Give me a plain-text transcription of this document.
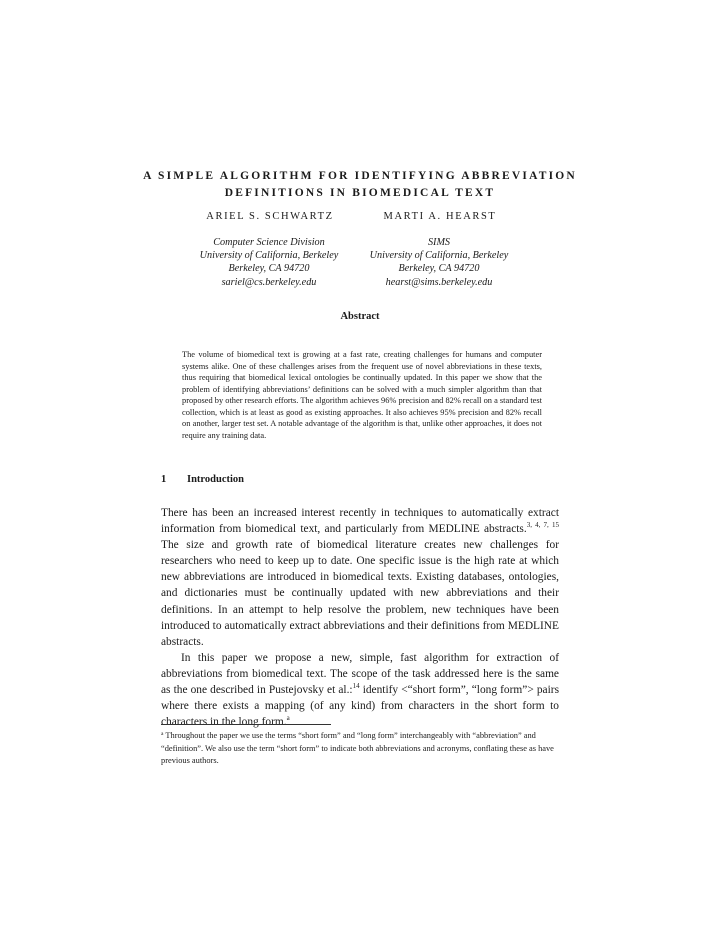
A SIMPLE ALGORITHM FOR IDENTIFYING ABBREVIATION
DEFINITIONS IN BIOMEDICAL TEXT
ARIEL S. SCHWARTZ	MARTI A. HEARST
Computer Science Division
University of California, Berkeley
Berkeley, CA 94720
sariel@cs.berkeley.edu
SIMS
University of California, Berkeley
Berkeley, CA 94720
hearst@sims.berkeley.edu
Abstract
The volume of biomedical text is growing at a fast rate, creating challenges for humans and computer systems alike. One of these challenges arises from the frequent use of novel abbreviations in these texts, thus requiring that biomedical lexical ontologies be continually updated. In this paper we show that the problem of identifying abbreviations’ definitions can be solved with a much simpler algorithm than that proposed by other research efforts. The algorithm achieves 96% precision and 82% recall on a standard test collection, which is at least as good as existing approaches. It also achieves 95% precision and 82% recall on another, larger test set. A notable advantage of the algorithm is that, unlike other approaches, it does not require any training data.
1 Introduction

There has been an increased interest recently in techniques to automatically extract information from biomedical text, and particularly from MEDLINE abstracts.$^{3, 4, 7, 15}$ The size and growth rate of biomedical literature creates new challenges for researchers who need to keep up to date. One specific issue is the high rate at which new abbreviations are introduced in biomedical texts. Existing databases, ontologies, and dictionaries must be continually updated with new abbreviations and their definitions. In an attempt to help resolve the problem, new techniques have been introduced to automatically extract abbreviations and their definitions from MEDLINE abstracts.

In this paper we propose a new, simple, fast algorithm for extraction of abbreviations from biomedical text. The scope of the task addressed here is the same as the one described in Pustejovsky et al.:$^{14}$ identify <“short form”, “long form”> pairs where there exists a mapping (of any kind) from characters in the short form to characters in the long form.$^a$

$^a$ Throughout the paper we use the terms “short form” and “long form” interchangeably with “abbreviation” and “definition”. We also use the term “short form” to indicate both abbreviations and acronyms, conflating these as have previous authors.
